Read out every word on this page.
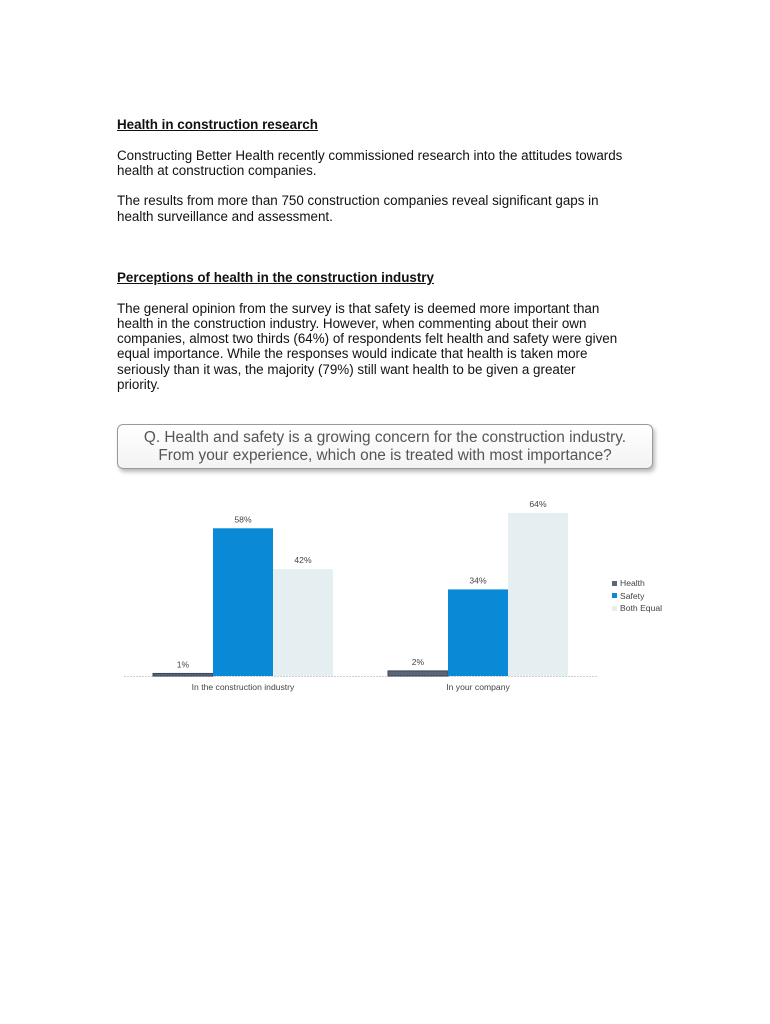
Health in construction research

Constructing Better Health recently commissioned research into the attitudes towards
health at construction companies.

The results from more than 750 construction companies reveal significant gaps in
health surveillance and assessment.

Perceptions of health in the construction industry

The general opinion from the survey is that safety is deemed more important than
health in the construction industry. However, when commenting about their own
companies, almost two thirds (64%) of respondents felt health and safety were given
equal importance. While the responses would indicate that health is taken more
seriously than it was, the majority (79%) still want health to be given a greater
priority.

Q. Health and safety is a growing concern for the construction industry.
From your experience, which one is treated with most importance?
1%
58%
42%
In the construction industry
2%
34%
64%
In your company
Health
Safety
Both Equal
